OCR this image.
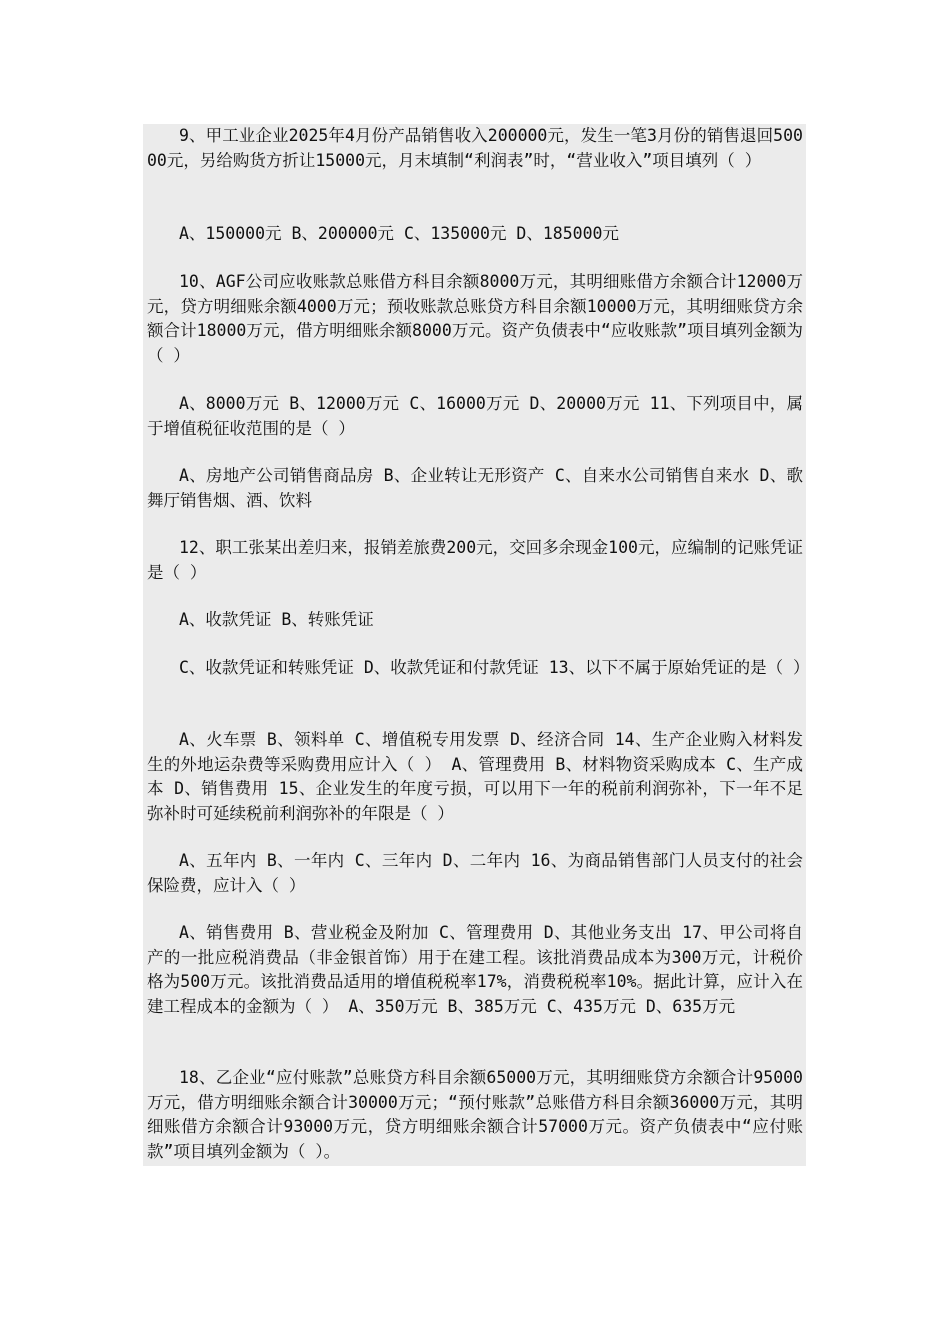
9、甲工业企业2025年4月份产品销售收入200000元，发生一笔3月份的销售退回50000元，另给购货方折让15000元，月末填制“利润表”时，“营业收入”项目填列（ ）

A、150000元 B、200000元 C、135000元 D、185000元

10、AGF公司应收账款总账借方科目余额8000万元，其明细账借方余额合计12000万元，贷方明细账余额4000万元；预收账款总账贷方科目余额10000万元，其明细账贷方余额合计18000万元，借方明细账余额8000万元。资产负债表中“应收账款”项目填列金额为（ ）

A、8000万元 B、12000万元 C、16000万元 D、20000万元 11、下列项目中，属于增值税征收范围的是（ ）

A、房地产公司销售商品房 B、企业转让无形资产 C、自来水公司销售自来水 D、歌舞厅销售烟、酒、饮料

12、职工张某出差归来，报销差旅费200元，交回多余现金100元，应编制的记账凭证是（ ）

A、收款凭证 B、转账凭证

C、收款凭证和转账凭证 D、收款凭证和付款凭证 13、以下不属于原始凭证的是（ ）

A、火车票 B、领料单 C、增值税专用发票 D、经济合同 14、生产企业购入材料发生的外地运杂费等采购费用应计入（ ） A、管理费用 B、材料物资采购成本 C、生产成本 D、销售费用 15、企业发生的年度亏损，可以用下一年的税前利润弥补，下一年不足弥补时可延续税前利润弥补的年限是（ ）

A、五年内 B、一年内 C、三年内 D、二年内 16、为商品销售部门人员支付的社会保险费，应计入（ ）

A、销售费用 B、营业税金及附加 C、管理费用 D、其他业务支出 17、甲公司将自产的一批应税消费品（非金银首饰）用于在建工程。该批消费品成本为300万元，计税价格为500万元。该批消费品适用的增值税税率17%，消费税税率10%。据此计算，应计入在建工程成本的金额为（ ） A、350万元 B、385万元 C、435万元 D、635万元

18、乙企业“应付账款”总账贷方科目余额65000万元，其明细账贷方余额合计95000万元，借方明细账余额合计30000万元；“预付账款”总账借方科目余额36000万元，其明细账借方余额合计93000万元，贷方明细账余额合计57000万元。资产负债表中“应付账款”项目填列金额为（ ）。
